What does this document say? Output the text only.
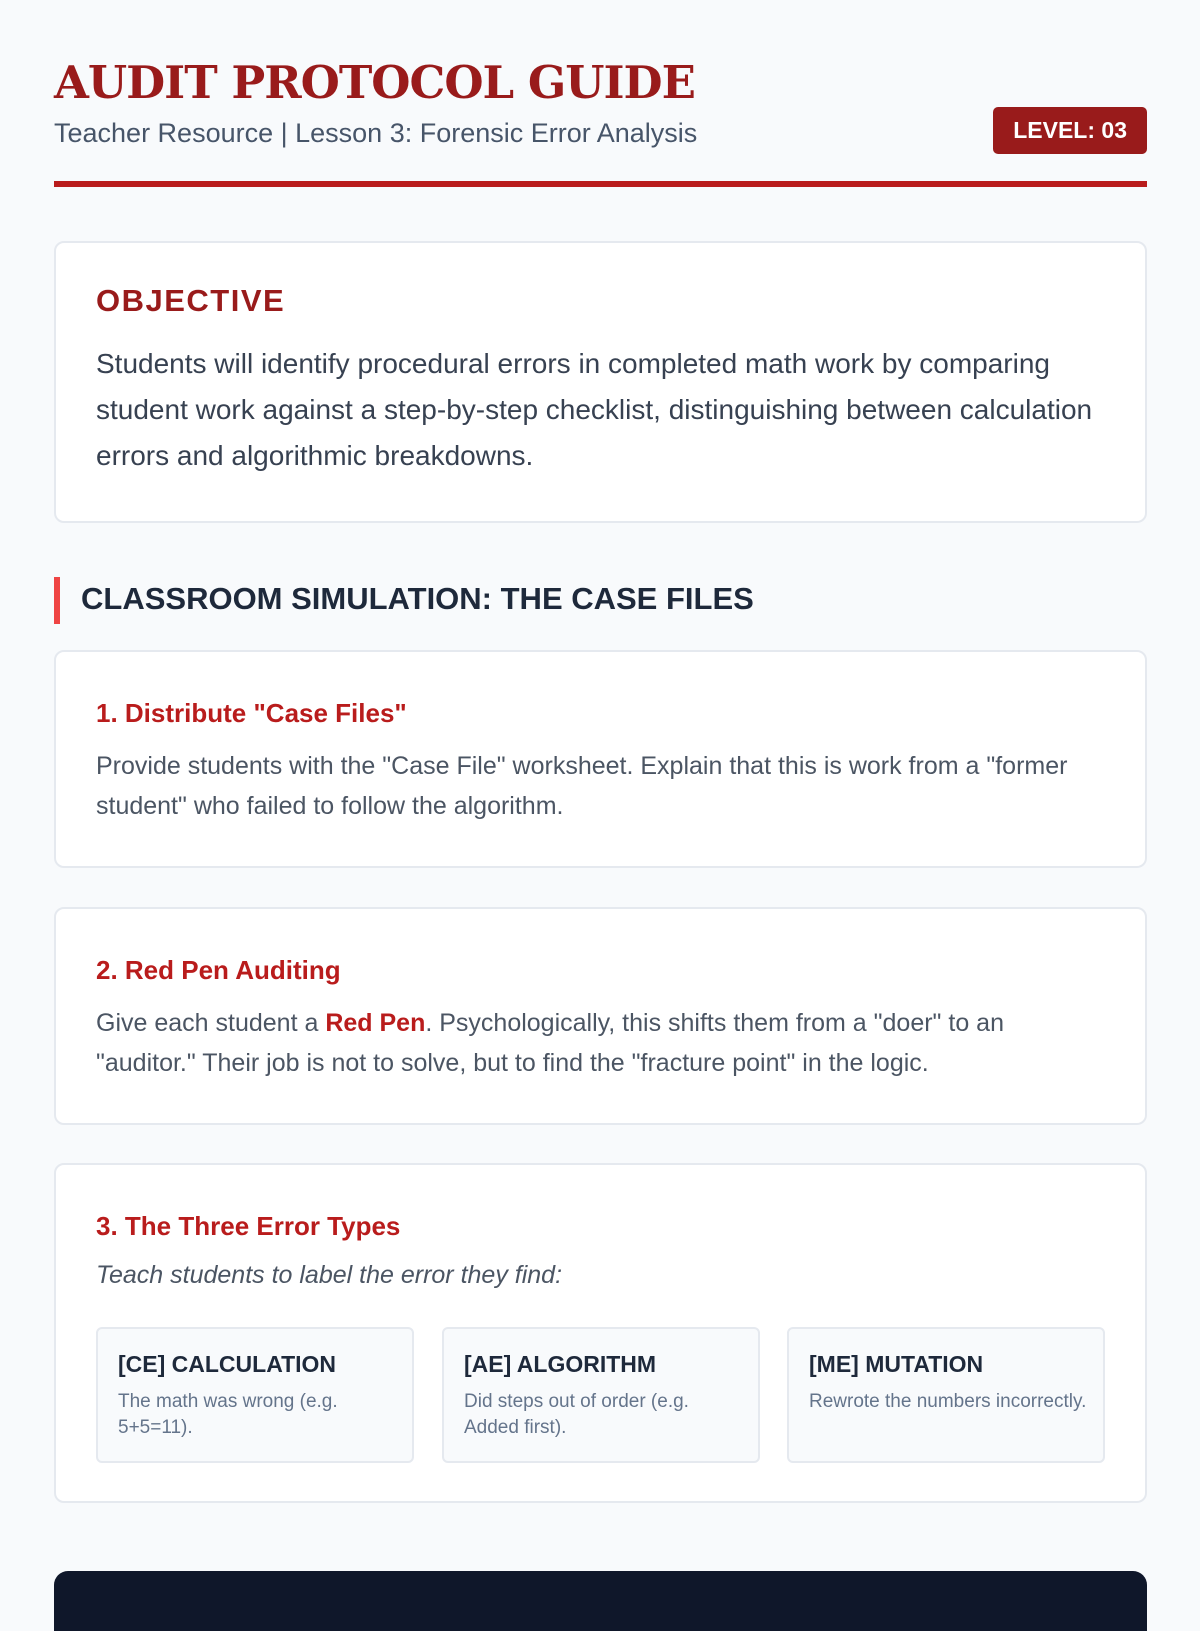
AUDIT PROTOCOL GUIDE
Teacher Resource | Lesson 3: Forensic Error Analysis	LEVEL: 03
OBJECTIVE

Students will identify procedural errors in completed math work by comparing student work against a step-by-step checklist, distinguishing between calculation errors and algorithmic breakdowns.

CLASSROOM SIMULATION: THE CASE FILES
1. Distribute "Case Files"

Provide students with the "Case File" worksheet. Explain that this is work from a "former student" who failed to follow the algorithm.

2. Red Pen Auditing

Give each student a Red Pen. Psychologically, this shifts them from a "doer" to an "auditor." Their job is not to solve, but to find the "fracture point" in the logic.

3. The Three Error Types

Teach students to label the error they find:

[CE] CALCULATION
The math was wrong (e.g. 5+5=11).
[AE] ALGORITHM
Did steps out of order (e.g. Added first).
[ME] MUTATION
Rewrote the numbers incorrectly.
